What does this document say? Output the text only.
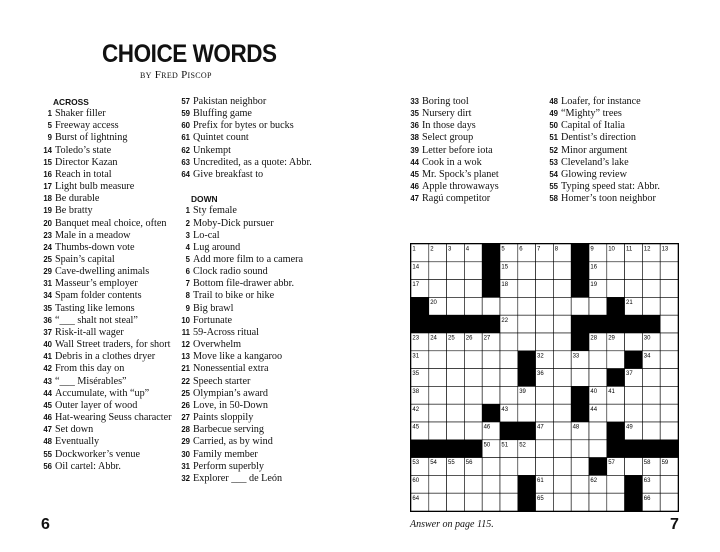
CHOICE WORDS
by Fred Piscop
ACROSS
1 Shaker filler
5 Freeway access
9 Burst of lightning
14 Toledo’s state
15 Director Kazan
16 Reach in total
17 Light bulb measure
18 Be durable
19 Be bratty
20 Banquet meal choice, often
23 Male in a meadow
24 Thumbs-down vote
25 Spain’s capital
29 Cave-dwelling animals
31 Masseur’s employer
34 Spam folder contents
35 Tasting like lemons
36 “___ shalt not steal”
37 Risk-it-all wager
40 Wall Street traders, for short
41 Debris in a clothes dryer
42 From this day on
43 “___ Misérables”
44 Accumulate, with “up”
45 Outer layer of wood
46 Hat-wearing Seuss character
47 Set down
48 Eventually
55 Dockworker’s venue
56 Oil cartel: Abbr.
57 Pakistan neighbor
59 Bluffing game
60 Prefix for bytes or bucks
61 Quintet count
62 Unkempt
63 Uncredited, as a quote: Abbr.
64 Give breakfast to
DOWN
1 Sty female
2 Moby-Dick pursuer
3 Lo-cal
4 Lug around
5 Add more film to a camera
6 Clock radio sound
7 Bottom file-drawer abbr.
8 Trail to bike or hike
9 Big brawl
10 Fortunate
11 59-Across ritual
12 Overwhelm
13 Move like a kangaroo
21 Nonessential extra
22 Speech starter
25 Olympian’s award
26 Love, in 50-Down
27 Paints sloppily
28 Barbecue serving
29 Carried, as by wind
30 Family member
31 Perform superbly
32 Explorer ___ de León
33 Boring tool
35 Nursery dirt
36 In those days
38 Select group
39 Letter before iota
44 Cook in a wok
45 Mr. Spock’s planet
46 Apple throwaways
47 Ragú competitor
48 Loafer, for instance
49 “Mighty” trees
50 Capital of Italia
51 Dentist’s direction
52 Minor argument
53 Cleveland’s lake
54 Glowing review
55 Typing speed stat: Abbr.
58 Homer’s toon neighbor
1 2 3 4	5 6 7 8	9 10 11 12 13
14	15	16
17	18	19
20	21
22
23 24 25 26 27	28 29	30
31	32	33	34
35	36	37
38	39	40 41
42	43	44
45	46	47	48	49
50 51 52
53 54 55 56	57	58 59
60	61	62	63
64	65	66
6	Answer on page 115.	7
